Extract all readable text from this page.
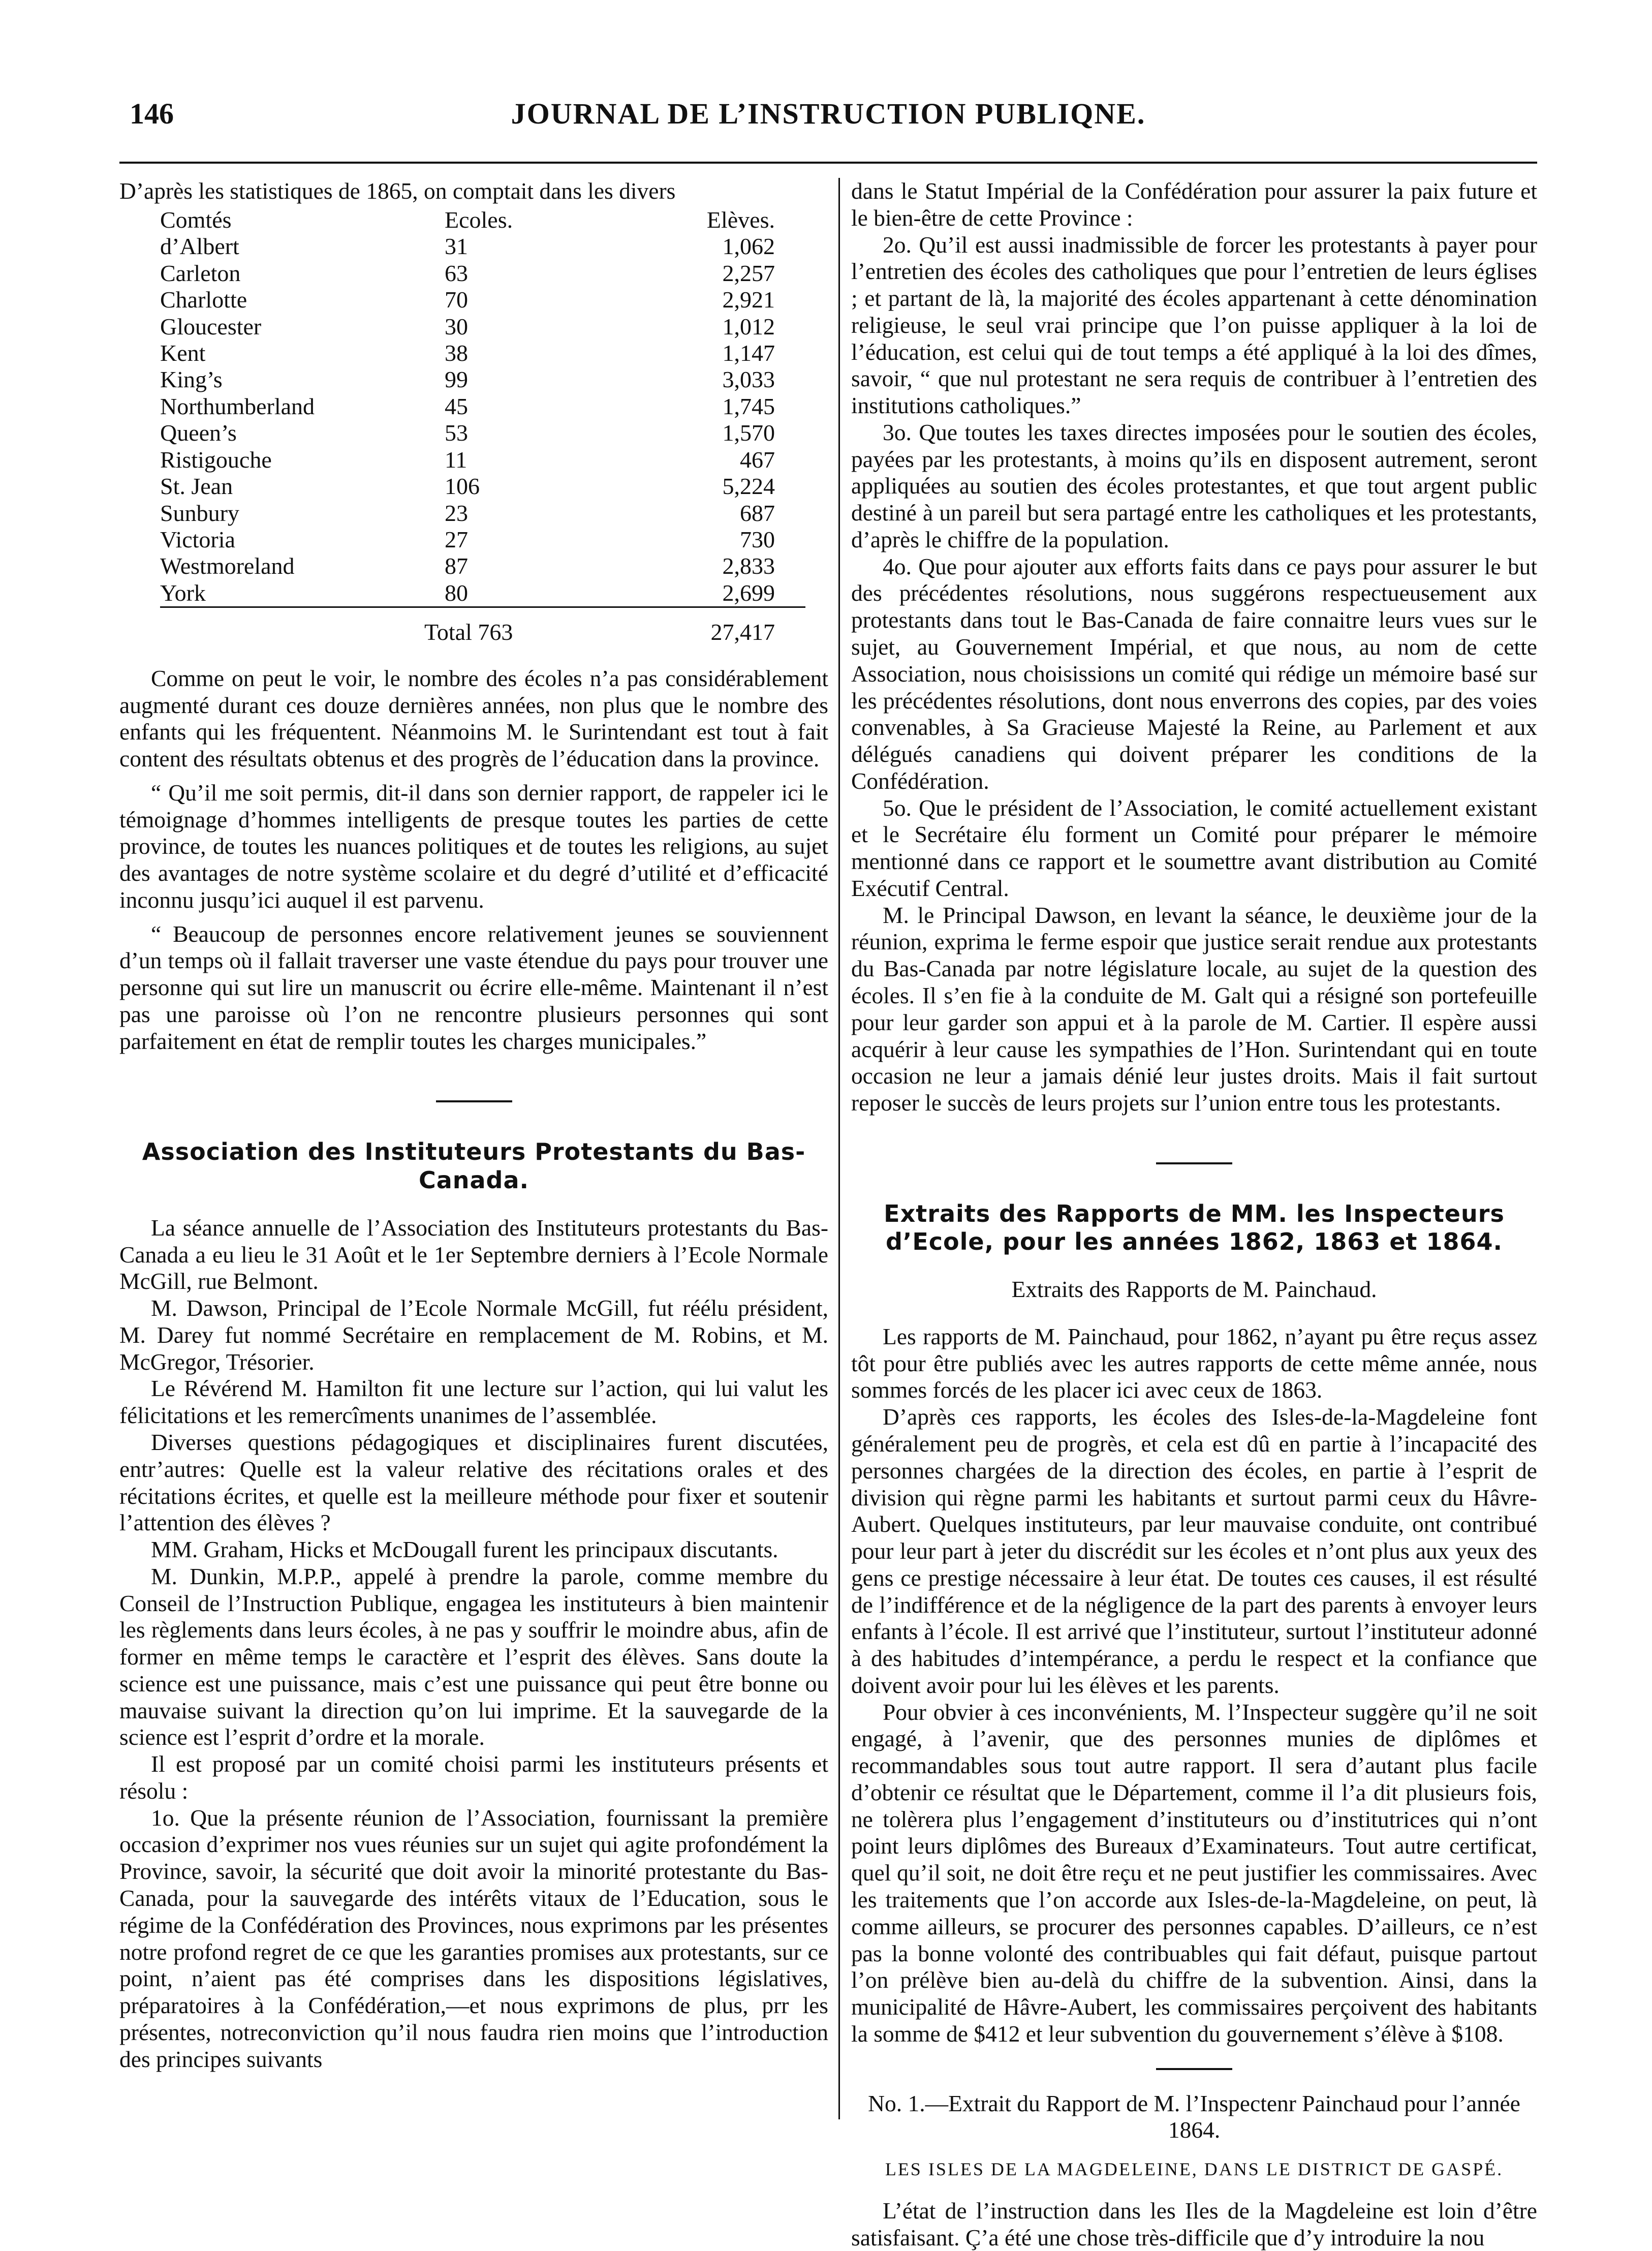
146	JOURNAL DE L’INSTRUCTION PUBLIQNE.

D’après les statistiques de 1865, on comptait dans les divers

Comtés	Ecoles.	Elèves.
d’Albert	31	1,062
Carleton	63	2,257
Charlotte	70	2,921
Gloucester	30	1,012
Kent	38	1,147
King’s	99	3,033
Northumberland	45	1,745
Queen’s	53	1,570
Ristigouche	11	467
St. Jean	106	5,224
Sunbury	23	687
Victoria	27	730
Westmoreland	87	2,833
York	80	2,699
	Total 763	27,417

Comme on peut le voir, le nombre des écoles n’a pas considérablement augmenté durant ces douze dernières années, non plus que le nombre des enfants qui les fréquentent. Néanmoins M. le Surintendant est tout à fait content des résultats obtenus et des progrès de l’éducation dans la province.

“ Qu’il me soit permis, dit-il dans son dernier rapport, de rappeler ici le témoignage d’hommes intelligents de presque toutes les parties de cette province, de toutes les nuances politiques et de toutes les religions, au sujet des avantages de notre système scolaire et du degré d’utilité et d’efficacité inconnu jusqu’ici auquel il est parvenu.

“ Beaucoup de personnes encore relativement jeunes se souviennent d’un temps où il fallait traverser une vaste étendue du pays pour trouver une personne qui sut lire un manuscrit ou écrire elle-même. Maintenant il n’est pas une paroisse où l’on ne rencontre plusieurs personnes qui sont parfaitement en état de remplir toutes les charges municipales.”

Association des Instituteurs Protestants du Bas-Canada.

La séance annuelle de l’Association des Instituteurs protestants du Bas-Canada a eu lieu le 31 Août et le 1er Septembre derniers à l’Ecole Normale McGill, rue Belmont.

M. Dawson, Principal de l’Ecole Normale McGill, fut réélu président, M. Darey fut nommé Secrétaire en remplacement de M. Robins, et M. McGregor, Trésorier.

Le Révérend M. Hamilton fit une lecture sur l’action, qui lui valut les félicitations et les remercîments unanimes de l’assemblée.

Diverses questions pédagogiques et disciplinaires furent discutées, entr’autres: Quelle est la valeur relative des récitations orales et des récitations écrites, et quelle est la meilleure méthode pour fixer et soutenir l’attention des élèves ?

MM. Graham, Hicks et McDougall furent les principaux discutants.

M. Dunkin, M.P.P., appelé à prendre la parole, comme membre du Conseil de l’Instruction Publique, engagea les instituteurs à bien maintenir les règlements dans leurs écoles, à ne pas y souffrir le moindre abus, afin de former en même temps le caractère et l’esprit des élèves. Sans doute la science est une puissance, mais c’est une puissance qui peut être bonne ou mauvaise suivant la direction qu’on lui imprime. Et la sauvegarde de la science est l’esprit d’ordre et la morale.

Il est proposé par un comité choisi parmi les instituteurs présents et résolu :

1o. Que la présente réunion de l’Association, fournissant la première occasion d’exprimer nos vues réunies sur un sujet qui agite profondément la Province, savoir, la sécurité que doit avoir la minorité protestante du Bas-Canada, pour la sauvegarde des intérêts vitaux de l’Education, sous le régime de la Confédération des Provinces, nous exprimons par les présentes notre profond regret de ce que les garanties promises aux protestants, sur ce point, n’aient pas été comprises dans les dispositions législatives, préparatoires à la Confédération,—et nous exprimons de plus, prr les présentes, notreconviction qu’il nous faudra rien moins que l’introduction des principes suivants

dans le Statut Impérial de la Confédération pour assurer la paix future et le bien-être de cette Province :

2o. Qu’il est aussi inadmissible de forcer les protestants à payer pour l’entretien des écoles des catholiques que pour l’entretien de leurs églises ; et partant de là, la majorité des écoles appartenant à cette dénomination religieuse, le seul vrai principe que l’on puisse appliquer à la loi de l’éducation, est celui qui de tout temps a été appliqué à la loi des dîmes, savoir, “ que nul protestant ne sera requis de contribuer à l’entretien des institutions catholiques.”

3o. Que toutes les taxes directes imposées pour le soutien des écoles, payées par les protestants, à moins qu’ils en disposent autrement, seront appliquées au soutien des écoles protestantes, et que tout argent public destiné à un pareil but sera partagé entre les catholiques et les protestants, d’après le chiffre de la population.

4o. Que pour ajouter aux efforts faits dans ce pays pour assurer le but des précédentes résolutions, nous suggérons respectueusement aux protestants dans tout le Bas-Canada de faire connaitre leurs vues sur le sujet, au Gouvernement Impérial, et que nous, au nom de cette Association, nous choisissions un comité qui rédige un mémoire basé sur les précédentes résolutions, dont nous enverrons des copies, par des voies convenables, à Sa Gracieuse Majesté la Reine, au Parlement et aux délégués canadiens qui doivent préparer les conditions de la Confédération.

5o. Que le président de l’Association, le comité actuellement existant et le Secrétaire élu forment un Comité pour préparer le mémoire mentionné dans ce rapport et le soumettre avant distribution au Comité Exécutif Central.

M. le Principal Dawson, en levant la séance, le deuxième jour de la réunion, exprima le ferme espoir que justice serait rendue aux protestants du Bas-Canada par notre législature locale, au sujet de la question des écoles. Il s’en fie à la conduite de M. Galt qui a résigné son portefeuille pour leur garder son appui et à la parole de M. Cartier. Il espère aussi acquérir à leur cause les sympathies de l’Hon. Surintendant qui en toute occasion ne leur a jamais dénié leur justes droits. Mais il fait surtout reposer le succès de leurs projets sur l’union entre tous les protestants.

Extraits des Rapports de MM. les Inspecteurs d’Ecole, pour les années 1862, 1863 et 1864.
Extraits des Rapports de M. Painchaud.

Les rapports de M. Painchaud, pour 1862, n’ayant pu être reçus assez tôt pour être publiés avec les autres rapports de cette même année, nous sommes forcés de les placer ici avec ceux de 1863.

D’après ces rapports, les écoles des Isles-de-la-Magdeleine font généralement peu de progrès, et cela est dû en partie à l’incapacité des personnes chargées de la direction des écoles, en partie à l’esprit de division qui règne parmi les habitants et surtout parmi ceux du Hâvre-Aubert. Quelques instituteurs, par leur mauvaise conduite, ont contribué pour leur part à jeter du discrédit sur les écoles et n’ont plus aux yeux des gens ce prestige nécessaire à leur état. De toutes ces causes, il est résulté de l’indifférence et de la négligence de la part des parents à envoyer leurs enfants à l’école. Il est arrivé que l’instituteur, surtout l’instituteur adonné à des habitudes d’intempérance, a perdu le respect et la confiance que doivent avoir pour lui les élèves et les parents.

Pour obvier à ces inconvénients, M. l’Inspecteur suggère qu’il ne soit engagé, à l’avenir, que des personnes munies de diplômes et recommandables sous tout autre rapport. Il sera d’autant plus facile d’obtenir ce résultat que le Département, comme il l’a dit plusieurs fois, ne tolèrera plus l’engagement d’instituteurs ou d’institutrices qui n’ont point leurs diplômes des Bureaux d’Examinateurs. Tout autre certificat, quel qu’il soit, ne doit être reçu et ne peut justifier les commissaires. Avec les traitements que l’on accorde aux Isles-de-la-Magdeleine, on peut, là comme ailleurs, se procurer des personnes capables. D’ailleurs, ce n’est pas la bonne volonté des contribuables qui fait défaut, puisque partout l’on prélève bien au-delà du chiffre de la subvention. Ainsi, dans la municipalité de Hâvre-Aubert, les commissaires perçoivent des habitants la somme de $412 et leur subvention du gouvernement s’élève à $108.

No. 1.—Extrait du Rapport de M. l’Inspectenr Painchaud pour l’année 1864.

LES ISLES DE LA MAGDELEINE, DANS LE DISTRICT DE GASPÉ.

L’état de l’instruction dans les Iles de la Magdeleine est loin d’être satisfaisant. Ç’a été une chose très-difficile que d’y introduire la nou
